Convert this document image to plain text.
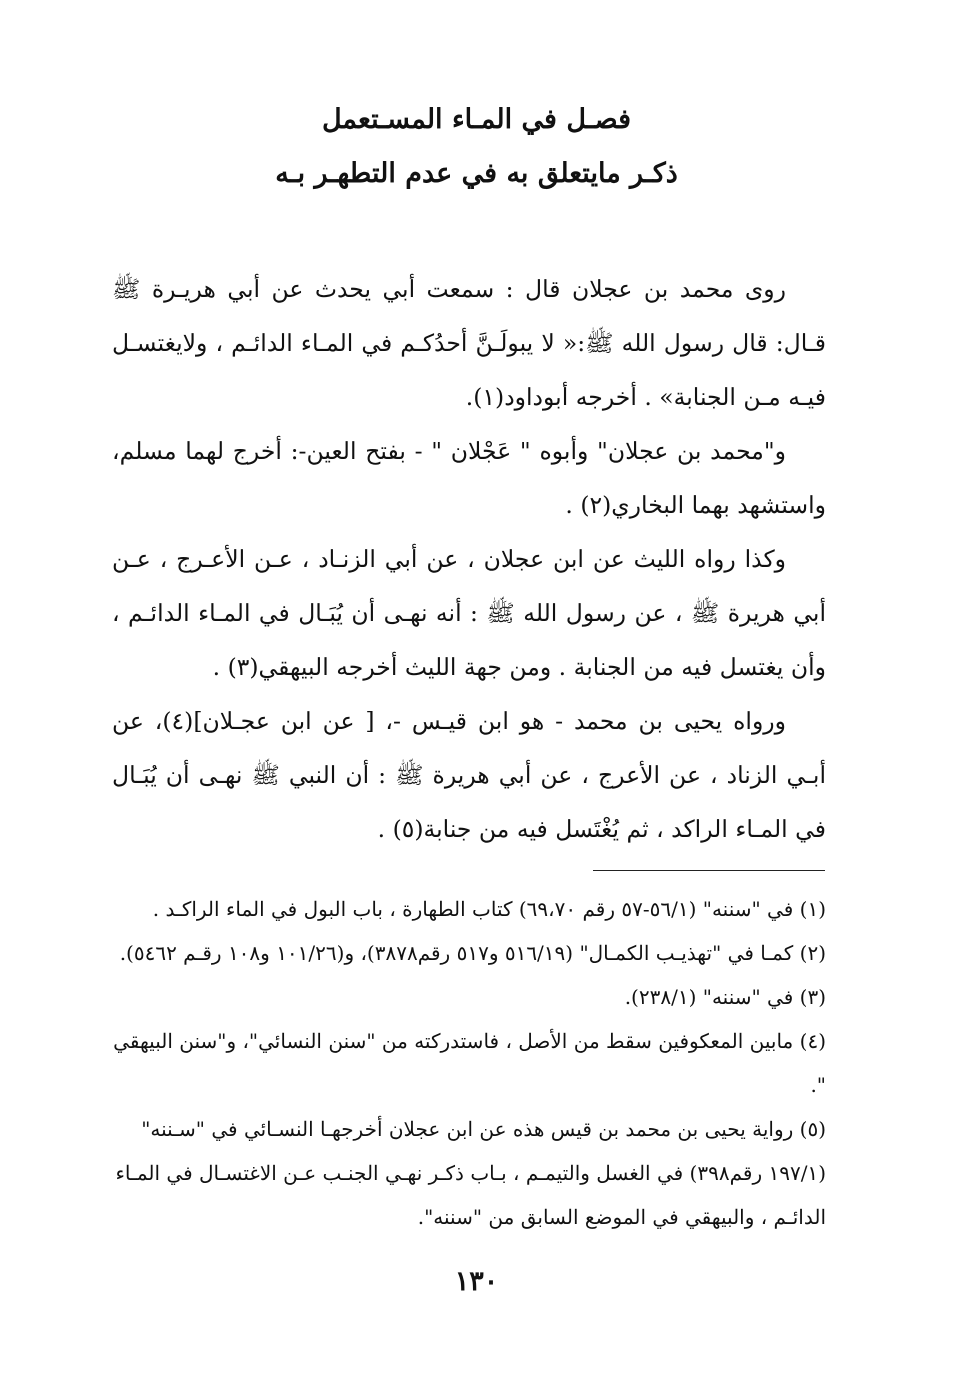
فصـل في المـاء المسـتعمل
ذكـر مايتعلق به في عدم التطهـر بـه

روى محمد بن عجلان قال : سمعت أبي يحدث عن أبي هريـرة ﷺ قـال: قال رسول الله ﷺ:« لا يبولَـنَّ أحدُكـم في المـاء الدائـم ، ولايغتسـل فيـه مـن الجنابة» . أخرجه أبوداود(١).

و"محمد بن عجلان" وأبوه " عَجْلان " - بفتح العين-: أخرج لهما مسلم، واستشهد بهما البخاري(٢) .

وكذا رواه الليث عن ابن عجلان ، عن أبي الزنـاد ، عـن الأعـرج ، عـن أبي هريرة ﷺ ، عن رسول الله ﷺ : أنه نهـى أن يُبَـال في المـاء الدائـم ، وأن يغتسل فيه من الجنابة . ومن جهة الليث أخرجه البيهقي(٣) .

ورواه يحيى بن محمد - هو ابن قيـس -، [ عن ابن عجـلان](٤)، عن أبـي الزناد ، عن الأعرج ، عن أبي هريرة ﷺ : أن النبي ﷺ نهـى أن يُبَـال في المـاء الراكد ، ثم يُغْتَسل فيه من جنابة(٥) .

(١) في "سننه" (٥٦/١-٥٧ رقم ٦٩،٧٠) كتاب الطهارة ، باب البول في الماء الراكـد .

(٢) كمـا في "تهذيـب الكمـال" (٥١٦/١٩ و٥١٧ رقم٣٨٧٨)، و(١٠١/٢٦ و١٠٨ رقـم ٥٤٦٢).

(٣) في "سننه" (٢٣٨/١).

(٤) مابين المعكوفين سقط من الأصل ، فاستدركته من "سنن النسائي"، و"سنن البيهقي ".

(٥) رواية يحيى بن محمد بن قيس هذه عن ابن عجلان أخرجهـا النسـائي في "سـننه" (١٩٧/١ رقم٣٩٨) في الغسل والتيمـم ، بـاب ذكـر نهـي الجنـب عـن الاغتسـال في المـاء الدائـم ، والبيهقي في الموضع السابق من "سننه".

١٣٠
